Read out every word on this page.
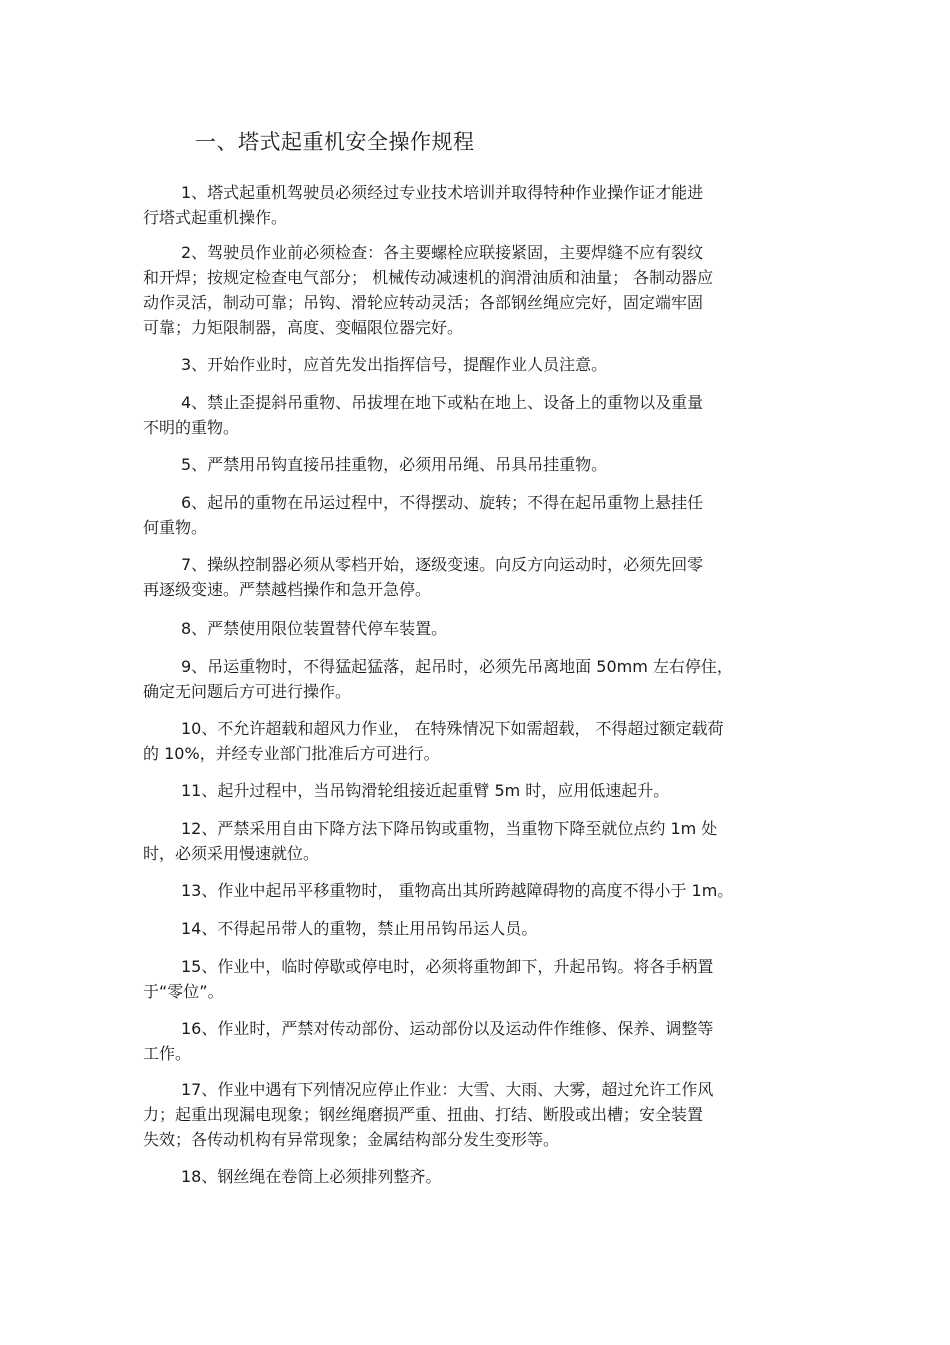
一、塔式起重机安全操作规程
1、塔式起重机驾驶员必须经过专业技术培训并取得特种作业操作证才能进
行塔式起重机操作。
2、驾驶员作业前必须检查：各主要螺栓应联接紧固，主要焊缝不应有裂纹
和开焊；按规定检查电气部分； 机械传动减速机的润滑油质和油量； 各制动器应
动作灵活，制动可靠；吊钩、滑轮应转动灵活；各部钢丝绳应完好，固定端牢固
可靠；力矩限制器，高度、变幅限位器完好。
3、开始作业时，应首先发出指挥信号，提醒作业人员注意。
4、禁止歪提斜吊重物、吊拔埋在地下或粘在地上、设备上的重物以及重量
不明的重物。
5、严禁用吊钩直接吊挂重物，必须用吊绳、吊具吊挂重物。
6、起吊的重物在吊运过程中，不得摆动、旋转；不得在起吊重物上悬挂任
何重物。
7、操纵控制器必须从零档开始，逐级变速。向反方向运动时，必须先回零
再逐级变速。严禁越档操作和急开急停。
8、严禁使用限位装置替代停车装置。
9、吊运重物时，不得猛起猛落，起吊时，必须先吊离地面 50mm 左右停住，
确定无问题后方可进行操作。
10、不允许超载和超风力作业， 在特殊情况下如需超载， 不得超过额定载荷
的 10%，并经专业部门批准后方可进行。
11、起升过程中，当吊钩滑轮组接近起重臂 5m 时，应用低速起升。
12、严禁采用自由下降方法下降吊钩或重物，当重物下降至就位点约 1m 处
时，必须采用慢速就位。
13、作业中起吊平移重物时， 重物高出其所跨越障碍物的高度不得小于 1m。
14、不得起吊带人的重物，禁止用吊钩吊运人员。
15、作业中，临时停歇或停电时，必须将重物卸下，升起吊钩。将各手柄置
于“零位”。
16、作业时，严禁对传动部份、运动部份以及运动件作维修、保养、调整等
工作。
17、作业中遇有下列情况应停止作业：大雪、大雨、大雾，超过允许工作风
力；起重出现漏电现象；钢丝绳磨损严重、扭曲、打结、断股或出槽；安全装置
失效；各传动机构有异常现象；金属结构部分发生变形等。
18、钢丝绳在卷筒上必须排列整齐。
